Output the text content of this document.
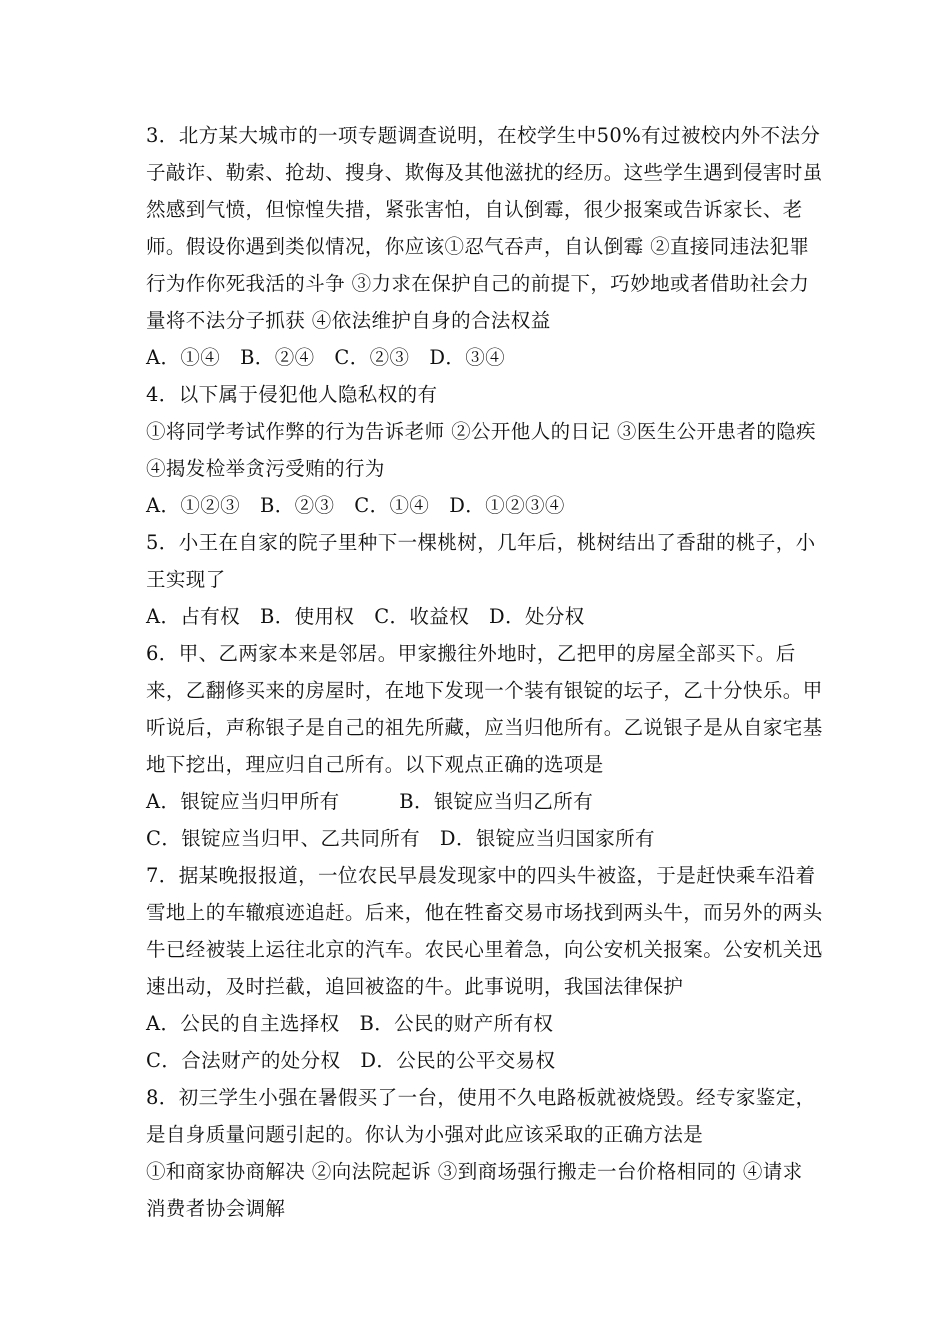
3．北方某大城市的一项专题调查说明，在校学生中50%有过被校内外不法分
子敲诈、勒索、抢劫、搜身、欺侮及其他滋扰的经历。这些学生遇到侵害时虽
然感到气愤，但惊惶失措，紧张害怕，自认倒霉，很少报案或告诉家长、老
师。假设你遇到类似情况，你应该①忍气吞声，自认倒霉 ②直接同违法犯罪
行为作你死我活的斗争 ③力求在保护自己的前提下，巧妙地或者借助社会力
量将不法分子抓获 ④依法维护自身的合法权益
A．①④　B．②④　C．②③　D．③④
4．以下属于侵犯他人隐私权的有
①将同学考试作弊的行为告诉老师 ②公开他人的日记 ③医生公开患者的隐疾
④揭发检举贪污受贿的行为
A．①②③　B．②③　C．①④　D．①②③④
5．小王在自家的院子里种下一棵桃树，几年后，桃树结出了香甜的桃子，小
王实现了
A．占有权　B．使用权　C．收益权　D．处分权
6．甲、乙两家本来是邻居。甲家搬往外地时，乙把甲的房屋全部买下。后
来，乙翻修买来的房屋时，在地下发现一个装有银锭的坛子，乙十分快乐。甲
听说后，声称银子是自己的祖先所藏，应当归他所有。乙说银子是从自家宅基
地下挖出，理应归自己所有。以下观点正确的选项是
A．银锭应当归甲所有　　　B．银锭应当归乙所有
C．银锭应当归甲、乙共同所有　D．银锭应当归国家所有
7．据某晚报报道，一位农民早晨发现家中的四头牛被盗，于是赶快乘车沿着
雪地上的车辙痕迹追赶。后来，他在牲畜交易市场找到两头牛，而另外的两头
牛已经被装上运往北京的汽车。农民心里着急，向公安机关报案。公安机关迅
速出动，及时拦截，追回被盗的牛。此事说明，我国法律保护
A．公民的自主选择权　B．公民的财产所有权
C．合法财产的处分权　D．公民的公平交易权
8．初三学生小强在暑假买了一台，使用不久电路板就被烧毁。经专家鉴定，
是自身质量问题引起的。你认为小强对此应该采取的正确方法是
①和商家协商解决 ②向法院起诉 ③到商场强行搬走一台价格相同的 ④请求
消费者协会调解
